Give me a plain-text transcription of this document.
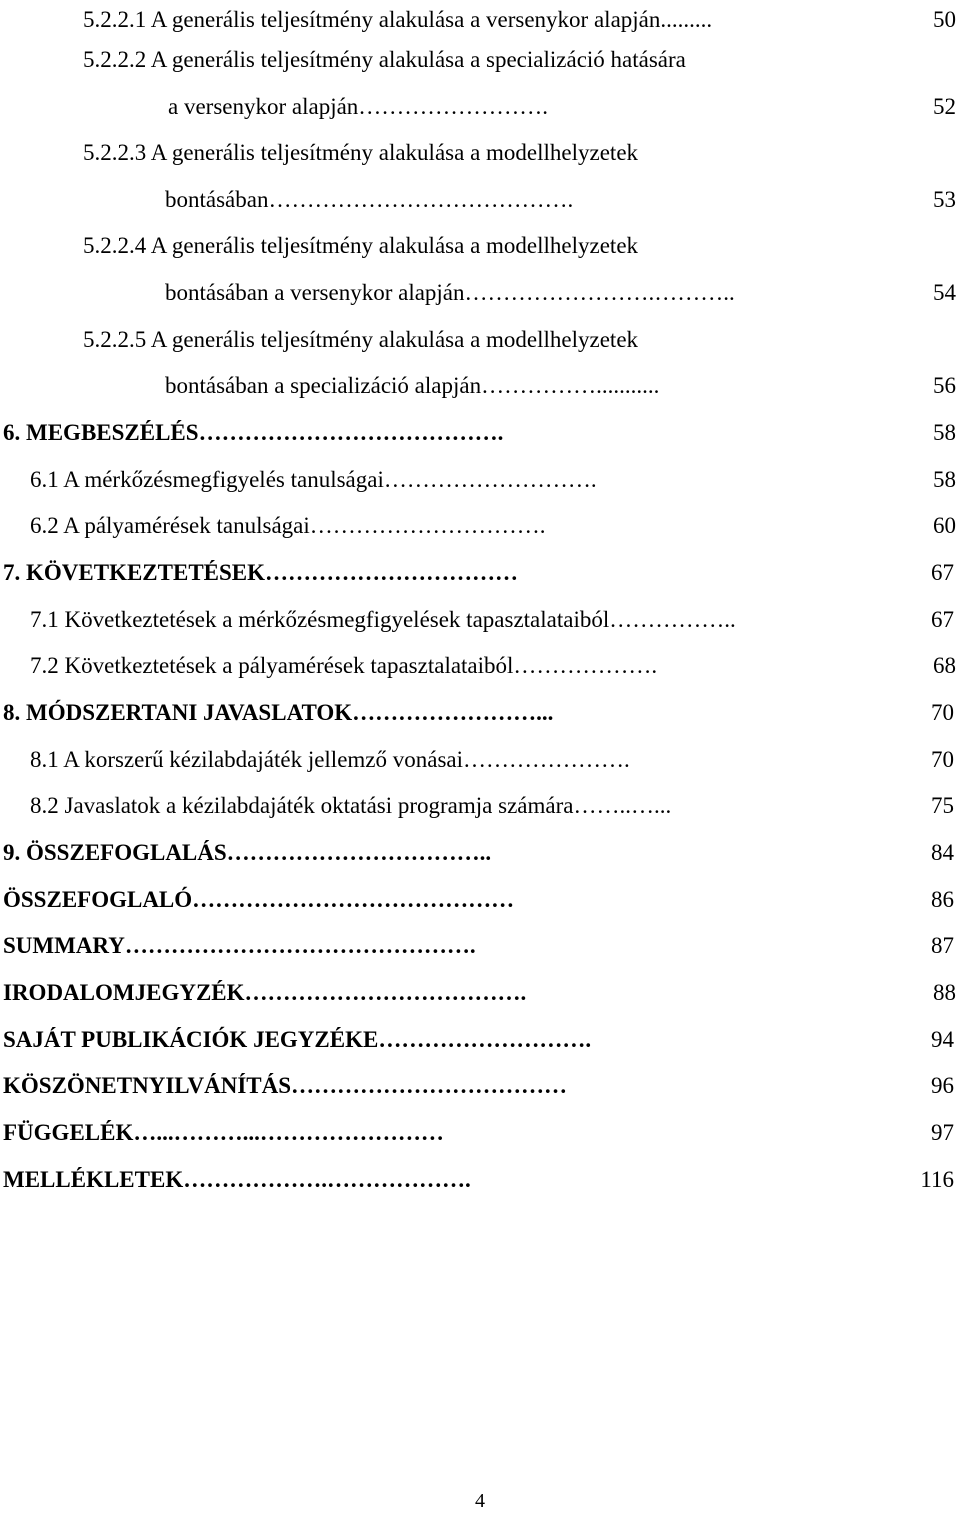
5.2.2.1 A generális teljesítmény alakulása a versenykor alapján.........	50
5.2.2.2 A generális teljesítmény alakulása a specializáció hatására
a versenykor alapján…………………….	52
5.2.2.3 A generális teljesítmény alakulása a modellhelyzetek
bontásában………………………………….	53
5.2.2.4 A generális teljesítmény alakulása a modellhelyzetek
bontásában a versenykor alapján…………………….………..	54
5.2.2.5 A generális teljesítmény alakulása a modellhelyzetek
bontásában a specializáció alapján……………...........	56
6. MEGBESZÉLÉS………………………………….	58
6.1 A mérkőzésmegfigyelés tanulságai……………………….	58
6.2 A pályamérések tanulságai………………………….	60
7. KÖVETKEZTETÉSEK……………………………	67
7.1 Következtetések a mérkőzésmegfigyelések tapasztalataiból……………..	67
7.2 Következtetések a pályamérések tapasztalataiból……………….	68
8. MÓDSZERTANI JAVASLATOK……………………...	70
8.1 A korszerű kézilabdajáték jellemző vonásai………………….	70
8.2 Javaslatok a kézilabdajáték oktatási programja számára……..…...	75
9. ÖSSZEFOGLALÁS……………………………..	84
ÖSSZEFOGLALÓ……………………………………	86
SUMMARY……………………………………….	87
IRODALOMJEGYZÉK……………………………….	88
SAJÁT PUBLIKÁCIÓK JEGYZÉKE……………………….	94
KÖSZÖNETNYILVÁNÍTÁS………………………………	96
FÜGGELÉK…...………...……………………	97
MELLÉKLETEK……………….……………….	116
4
